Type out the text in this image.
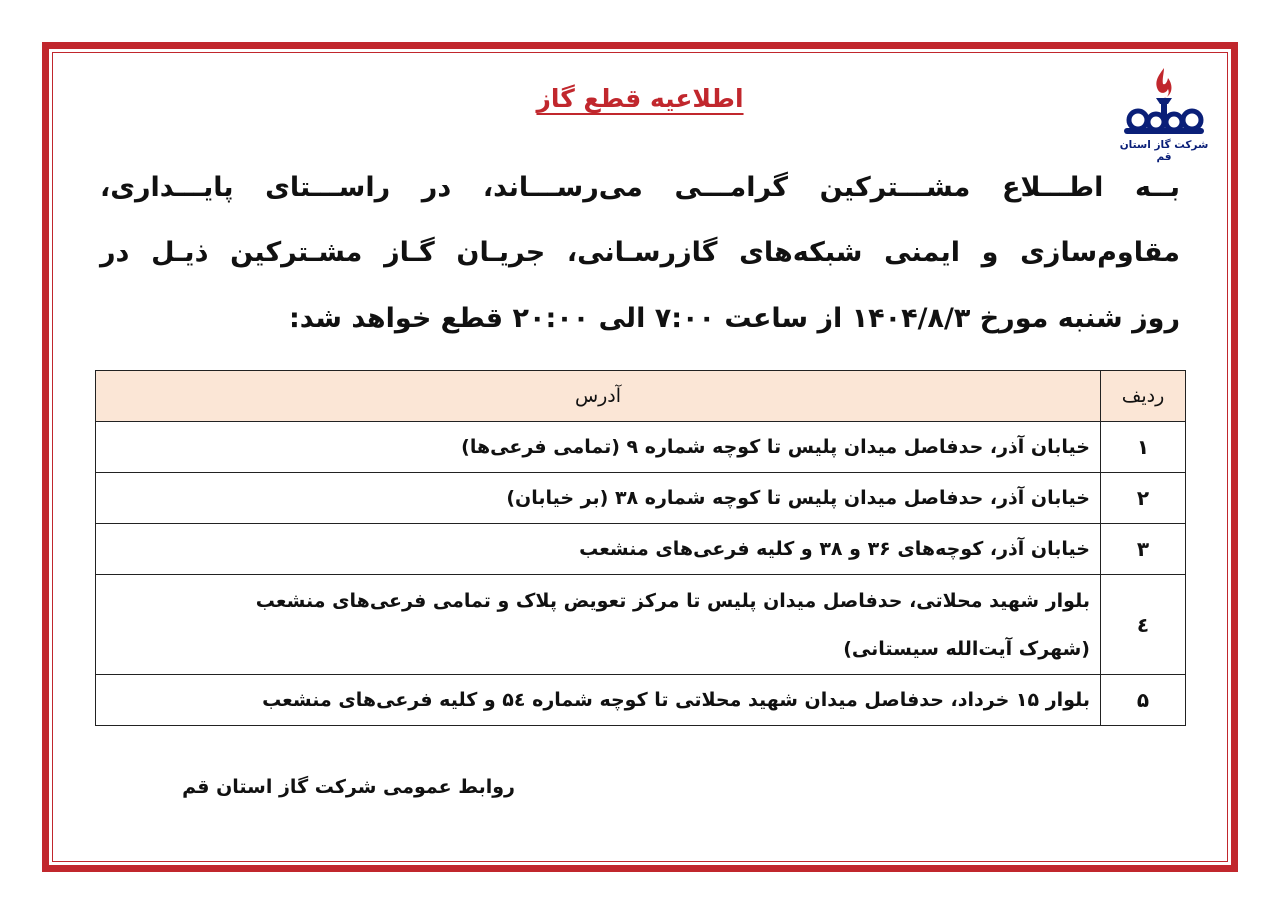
شرکت گاز استان قم
اطلاعیه قطع گاز
بــه اطـــلاع مشـــترکین گرامـــی می‌رســـاند، در راســـتای پایـــداری،
مقاوم‌سازی و ایمنی شبکه‌های گازرسـانی، جریـان گـاز مشـترکین ذیـل در
روز شنبه مورخ ۱۴۰۴/۸/۳ از ساعت ۷:۰۰ الی ۲۰:۰۰ قطع خواهد شد:
ردیف	آدرس
۱	خیابان آذر، حدفاصل میدان پلیس تا کوچه شماره ۹ (تمامی فرعی‌ها)
۲	خیابان آذر، حدفاصل میدان پلیس تا کوچه شماره ۳۸ (بر خیابان)
۳	خیابان آذر، کوچه‌های ۳۶ و ۳۸ و کلیه فرعی‌های منشعب
٤	بلوار شهید محلاتی، حدفاصل میدان پلیس تا مرکز تعویض پلاک و تمامی فرعی‌های منشعب
(شهرک آیت‌الله سیستانی)

۵	بلوار ۱۵ خرداد، حدفاصل میدان شهید محلاتی تا کوچه شماره ۵٤ و کلیه فرعی‌های منشعب
روابط عمومی شرکت گاز استان قم
